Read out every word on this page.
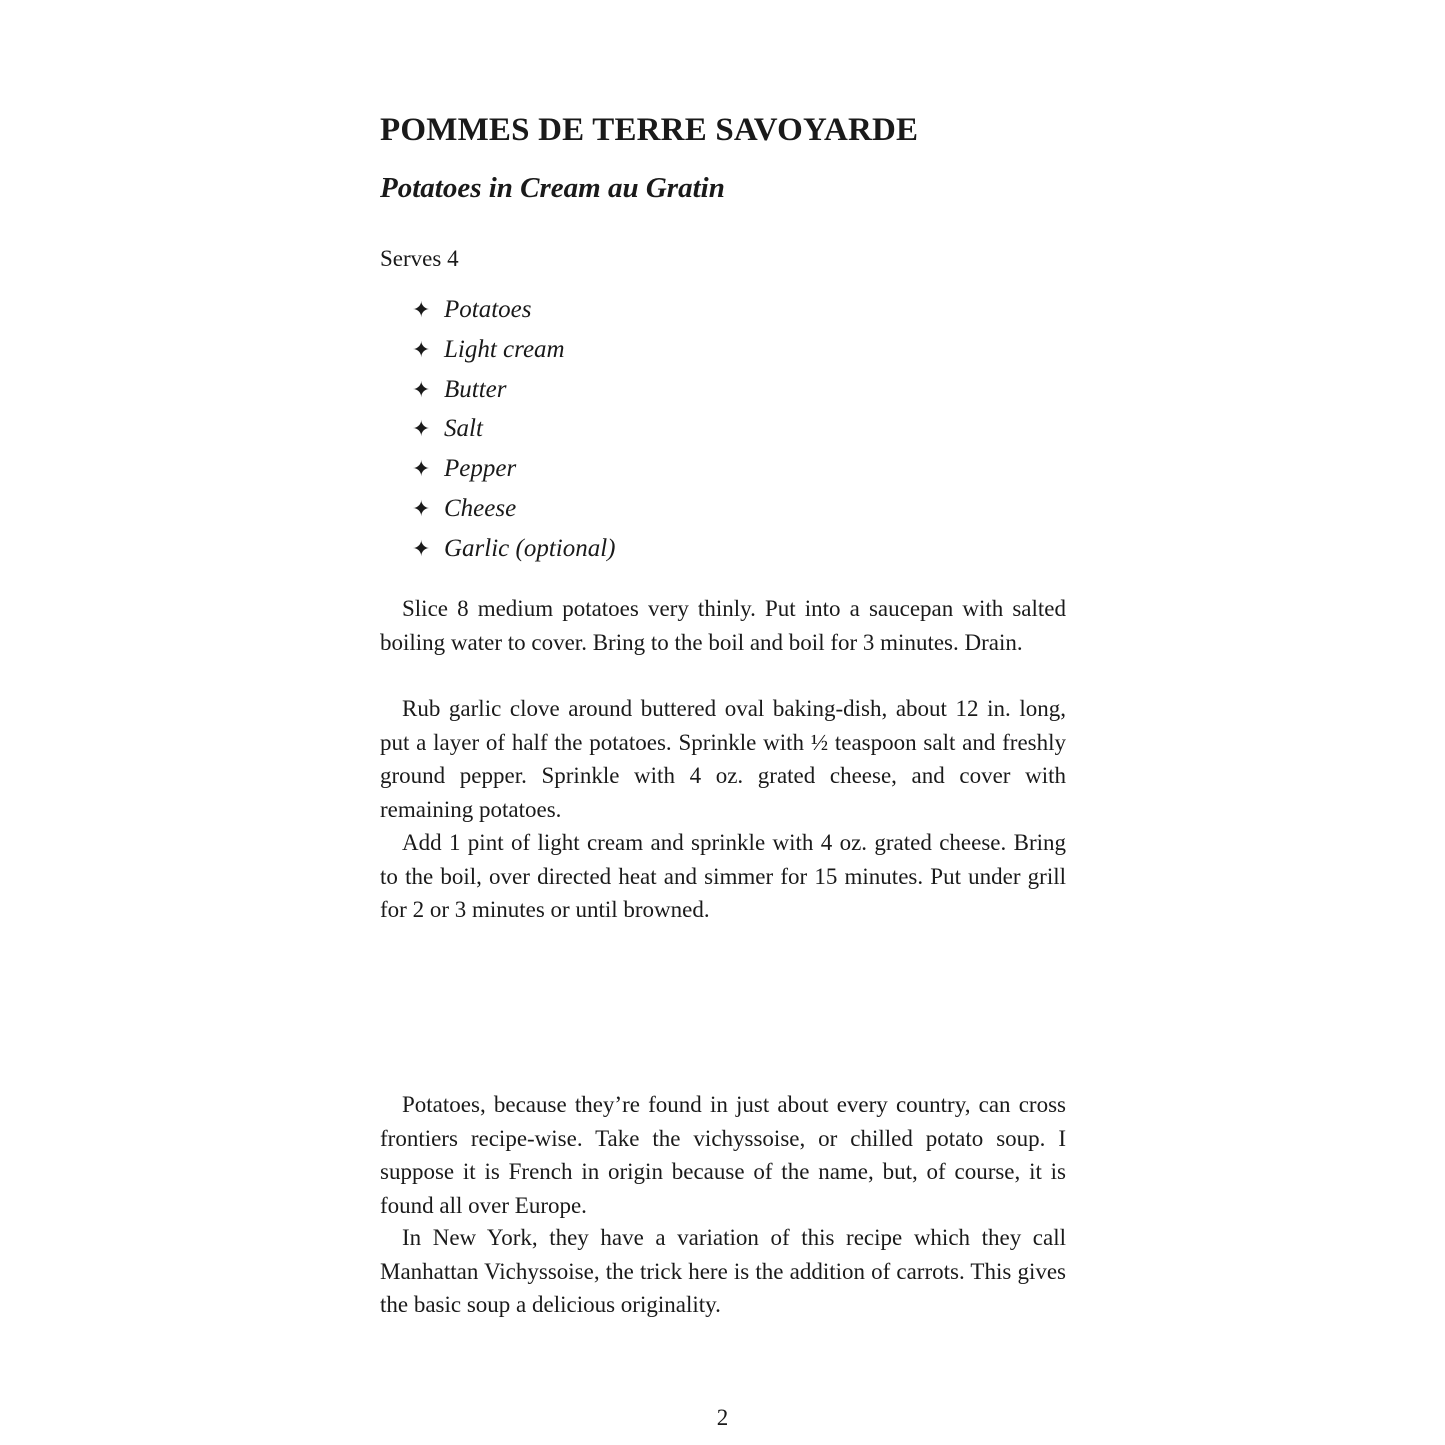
POMMES DE TERRE SAVOYARDE
Potatoes in Cream au Gratin

Serves 4

✦ Potatoes
✦ Light cream
✦ Butter
✦ Salt
✦ Pepper
✦ Cheese
✦ Garlic (optional)

Slice 8 medium potatoes very thinly. Put into a saucepan with salted boiling water to cover. Bring to the boil and boil for 3 minutes. Drain.

Rub garlic clove around buttered oval baking-dish, about 12 in. long, put a layer of half the potatoes. Sprinkle with ½ teaspoon salt and freshly ground pepper. Sprinkle with 4 oz. grated cheese, and cover with remaining potatoes.

Add 1 pint of light cream and sprinkle with 4 oz. grated cheese. Bring to the boil, over directed heat and simmer for 15 minutes. Put under grill for 2 or 3 minutes or until browned.

Potatoes, because they’re found in just about every country, can cross frontiers recipe-wise. Take the vichyssoise, or chilled potato soup. I suppose it is French in origin because of the name, but, of course, it is found all over Europe.

In New York, they have a variation of this recipe which they call Manhattan Vichyssoise, the trick here is the addition of carrots. This gives the basic soup a delicious originality.

2
